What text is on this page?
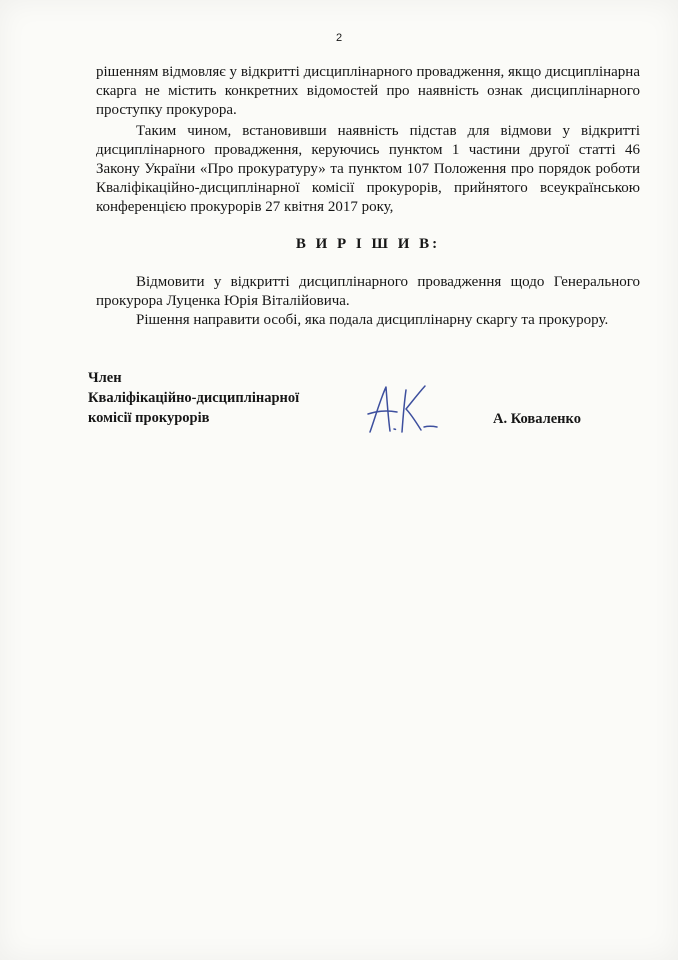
2

рішенням відмовляє у відкритті дисциплінарного провадження, якщо дисциплінарна скарга не містить конкретних відомостей про наявність ознак дисциплінарного проступку прокурора.

Таким чином, встановивши наявність підстав для відмови у відкритті дисциплінарного провадження, керуючись пунктом 1 частини другої статті 46 Закону України «Про прокуратуру» та пунктом 107 Положення про порядок роботи Кваліфікаційно-дисциплінарної комісії прокурорів, прийнятого всеукраїнською конференцією прокурорів 27 квітня 2017 року,

В И Р І Ш И В:

Відмовити у відкритті дисциплінарного провадження щодо Генерального прокурора Луценка Юрія Віталійовича.

Рішення направити особі, яка подала дисциплінарну скаргу та прокурору.

Член
Кваліфікаційно-дисциплінарної
комісії прокурорів	А. Коваленко
